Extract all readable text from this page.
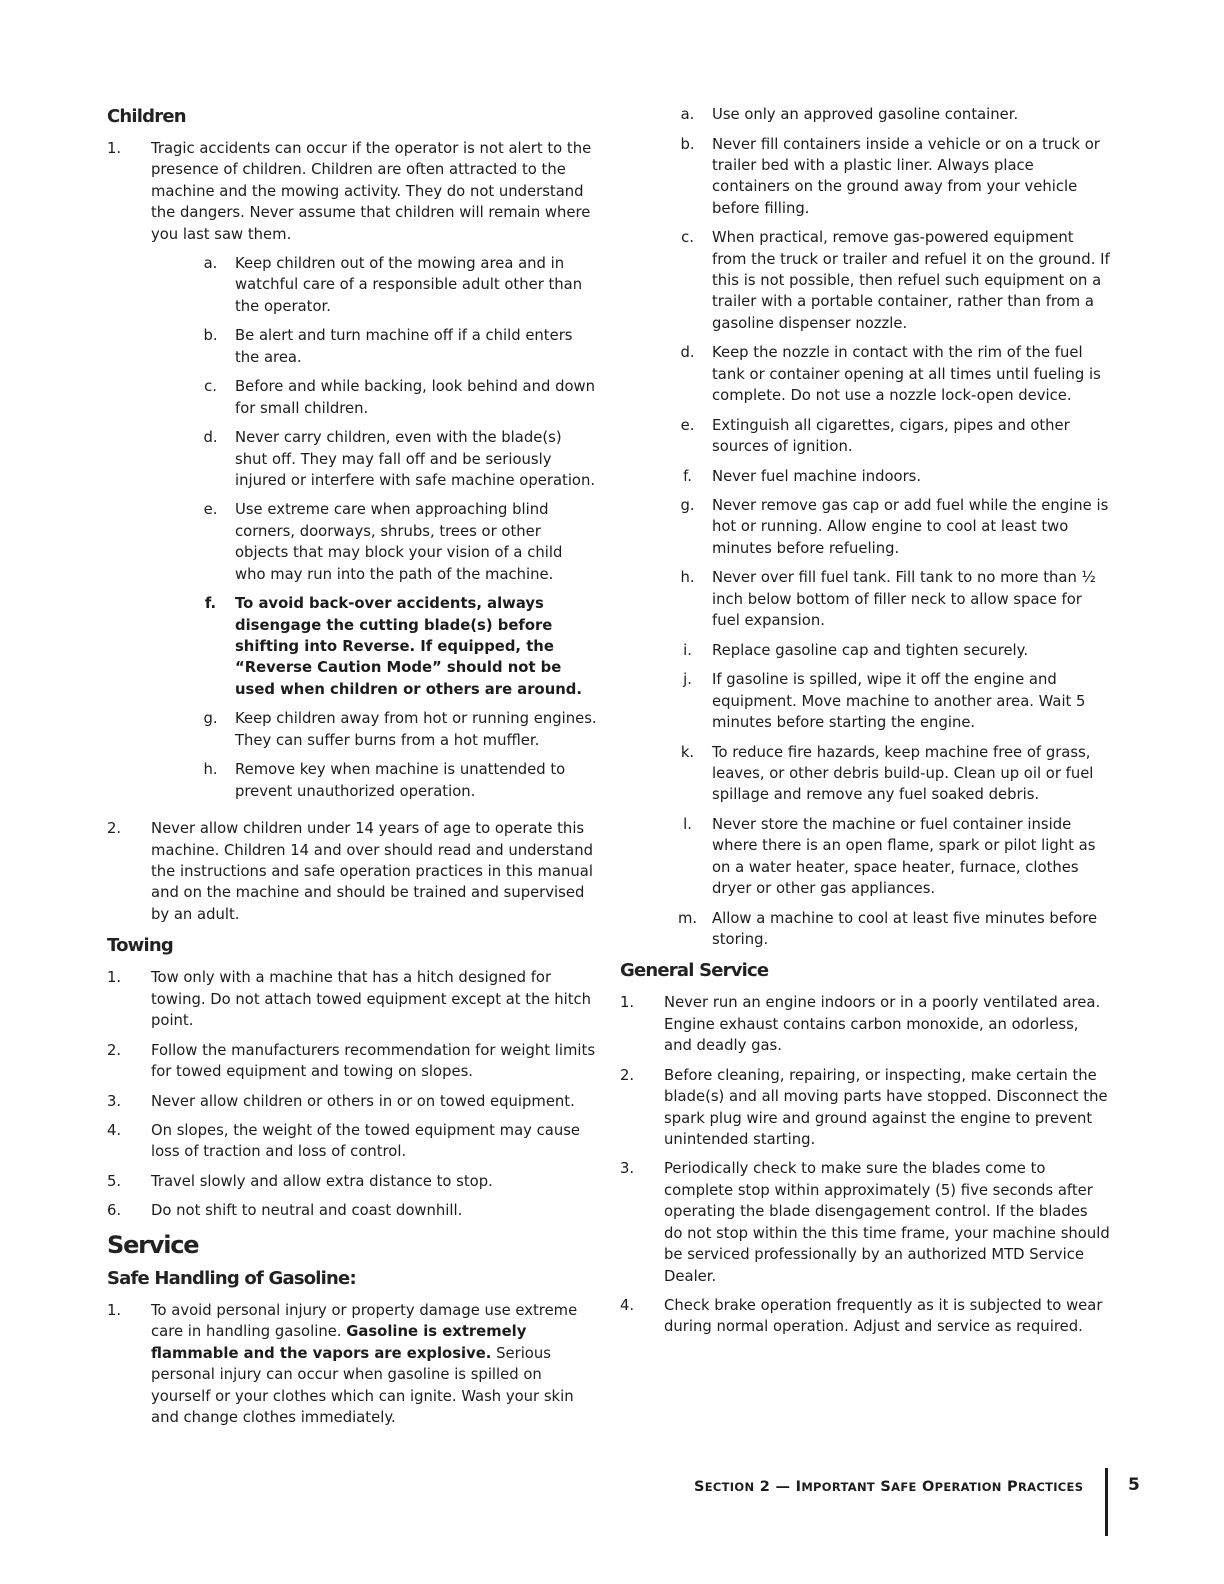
Children
1.	Tragic accidents can occur if the operator is not alert to the presence of children. Children are often attracted to the machine and the mowing activity. They do not understand the dangers. Never assume that children will remain where you last saw them.
a.	Keep children out of the mowing area and in watchful care of a responsible adult other than the operator.
b.	Be alert and turn machine off if a child enters the area.
c.	Before and while backing, look behind and down for small children.
d.	Never carry children, even with the blade(s) shut off. They may fall off and be seriously injured or interfere with safe machine operation.
e.	Use extreme care when approaching blind corners, doorways, shrubs, trees or other objects that may block your vision of a child who may run into the path of the machine.
f.	To avoid back-over accidents, always disengage the cutting blade(s) before shifting into Reverse. If equipped, the “Reverse Caution Mode” should not be used when children or others are around.
g.	Keep children away from hot or running engines. They can suffer burns from a hot muffler.
h.	Remove key when machine is unattended to prevent unauthorized operation.
2.	Never allow children under 14 years of age to operate this machine. Children 14 and over should read and understand the instructions and safe operation practices in this manual and on the machine and should be trained and supervised by an adult.
Towing
1.	Tow only with a machine that has a hitch designed for towing. Do not attach towed equipment except at the hitch point.
2.	Follow the manufacturers recommendation for weight limits for towed equipment and towing on slopes.
3.	Never allow children or others in or on towed equipment.
4.	On slopes, the weight of the towed equipment may cause loss of traction and loss of control.
5.	Travel slowly and allow extra distance to stop.
6.	Do not shift to neutral and coast downhill.
Service
Safe Handling of Gasoline:
1.	To avoid personal injury or property damage use extreme care in handling gasoline. Gasoline is extremely flammable and the vapors are explosive. Serious personal injury can occur when gasoline is spilled on yourself or your clothes which can ignite. Wash your skin and change clothes immediately.
a.	Use only an approved gasoline container.
b.	Never fill containers inside a vehicle or on a truck or trailer bed with a plastic liner. Always place containers on the ground away from your vehicle before filling.
c.	When practical, remove gas-powered equipment from the truck or trailer and refuel it on the ground. If this is not possible, then refuel such equipment on a trailer with a portable container, rather than from a gasoline dispenser nozzle.
d.	Keep the nozzle in contact with the rim of the fuel tank or container opening at all times until fueling is complete. Do not use a nozzle lock-open device.
e.	Extinguish all cigarettes, cigars, pipes and other sources of ignition.
f.	Never fuel machine indoors.
g.	Never remove gas cap or add fuel while the engine is hot or running. Allow engine to cool at least two minutes before refueling.
h.	Never over fill fuel tank. Fill tank to no more than ½ inch below bottom of filler neck to allow space for fuel expansion.
i.	Replace gasoline cap and tighten securely.
j.	If gasoline is spilled, wipe it off the engine and equipment. Move machine to another area. Wait 5 minutes before starting the engine.
k.	To reduce fire hazards, keep machine free of grass, leaves, or other debris build-up. Clean up oil or fuel spillage and remove any fuel soaked debris.
l.	Never store the machine or fuel container inside where there is an open flame, spark or pilot light as on a water heater, space heater, furnace, clothes dryer or other gas appliances.
m.	Allow a machine to cool at least five minutes before storing.
General Service
1.	Never run an engine indoors or in a poorly ventilated area. Engine exhaust contains carbon monoxide, an odorless, and deadly gas.
2.	Before cleaning, repairing, or inspecting, make certain the blade(s) and all moving parts have stopped. Disconnect the spark plug wire and ground against the engine to prevent unintended starting.
3.	Periodically check to make sure the blades come to complete stop within approximately (5) five seconds after operating the blade disengagement control. If the blades do not stop within the this time frame, your machine should be serviced professionally by an authorized MTD Service Dealer.
4.	Check brake operation frequently as it is subjected to wear during normal operation. Adjust and service as required.
SECTION 2 — IMPORTANT SAFE OPERATION PRACTICES	5
